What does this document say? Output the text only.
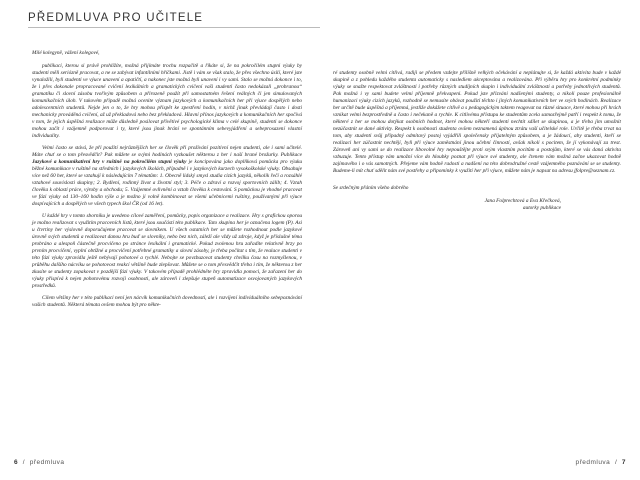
PŘEDMLUVA PRO UČITELE

Milé kolegyně, vážení kolegové,

publikaci, kterou si právě prohlížíte, možná přijímáte trochu rozpačitě a říkáte si, že na pokročilém stupni výuky by studenti měli seriózně pracovat, a ne se zabývat infantilními hříčkami. Jistě i vám se však stalo, že přes všechno úsilí, které jste vynaložili, byli studenti ve výuce unavení a apatičtí, a nakonec jste možná byli unavení i vy sami. Stalo se možná dokonce i to, že i přes dokonale propracované cvičení lexikálních a gramatických cvičení vaši studenti často nedokázali „probranou“ gramatiku či slovní zásobu tvořivým způsobem a přirozeně použít při samostatném řešení reálných či jen simulovaných komunikačních úloh. V takovém případě možná ocenite význam jazykových a komunikačních her při výuce dospělých nebo adolescentních studentů. Nejde jen o to, že hry mohou přispět ke zpestření hodin, v nichž jinak převládají často i dosti mechanicky prováděná cvičení, až už překladová nebo bez překladová. Hlavní přínos jazykových a komunikačních her spočívá v tom, že jejich úspěšná realizace může důsledně posilovat přívětivé psychologické klima v celé skupině, studenti se dokonce mohou začít i vzájemně podporovat i ty, které jsou jinak brání ve spontánním sebevyjádření a sebeprosazení vlastní individuality.

Velmi často se stává, že při použití nejrůznějších her se člověk při prožívání pozitivní nejen studenti, ale i samí učitelé. Máte chuť se o tom přesvědčit? Pak můžete se svými hodinách vyzkoušet některou z her i naší brané brožurky. Publikace Jazykové a komunikativní hry v ruštině na pokročilém stupni výuky je koncipována jako doplňková pomůcka pro výuku běžné komunikace v ruštině na středních i jazykových školách, případně i v jazykových kurzech vysokoškolské výuky. Obsahuje více než 60 her, které se vztahují k následujícím 7 tématům: 1. Obecně lidský smysl studia cizích jazyků, několik řečí a rozsáhlé vztahové souvislosti skupiny; 2. Bydlení, rodinný život a životní styl; 3. Péče o zdraví a rozvoj sportovních zálib; 4. Vztah člověka k oblasti práce, výroby a obchodu; 5. Vzájemné ovlivnění a vztah člověka k cestování. S pomůckou je vhodné pracovat ve fázi výuky od 130–160 hodin výše a je možno ji volně kombinovat se všemi učebnicemi ruštiny, používanými při výuce dospívajících a dospělých ve všech typech škol ČR (od 16 let).

U každé hry v tomto sborníku je uvedeno cílové zaměření, pomůcky, popis organizace a realizace. Hry s grafickou oporou je možno realizovat s využitím pracovních listů, které jsou součástí této publikace. Tato skupina her je označena logem (P). Asi u čtvrtiny her výslovně doporučujeme pracovat se slovníkem. U všech ostatních her se můžete rozhodnout podle jazykové úrovně svých studentů a realizovat danou hru buď se slovníky, nebo bez nich, záleží ale vždy už zdroje, když je příslušné téma probráno a alespoň částečně procvičeno po stránce lexikální i gramatické. Pokud zvolenou hru zařadíte relativně brzy po prvním procvičení, vyplní obtížné a procvičení potřebné gramatiky a slovní zásoby, je třeba počítat s tím, že realace studenti v této fázi výuky zpravidla ještě nebývají pohotové a rychlé. Nebojte se povzbuzovat studenty chvilku času na rozmyšlenou, v průběhu dalšího nácviku se pohotovost reakcí většině bude zlepšovat. Můžete se o tom přesvědčit třeba i tím, že některou z her zkusíte se studenty zopakovat v pozdější fázi výuky. V takovém případě prohlédněte hry zpravidla pomoci, že zařazení her do výuky přispívá k nejen pohotovému rozvoji osobnosti, ale zároveň i zlepšuje stupeň automatizace osvojovaných jazykových prostředků.

Cílem většiny her v této publikaci není jen nácvik komunikačních dovedností, ale i rozvíjení individuálního sebepoznávání vašich studentů. Některá témata ovšem mohou být pro někte-

6 / předmluva

ré studenty osobně velmi citlivá, radiji se předem vzdejte přílišně velkých očekávání a neplánujte si, že každá aktivita bude v každé skupině a z pohledu každého studenta automaticky s naslediem akceptována a realizována. Při výběru hry pro konkrétní podmínky výuky se snažte respektovat zvláštnosti i potřeby různých studijních skupin i individuální zvláštnosti a potřeby jednotlivých studentů. Pak možná i vy sami budete velmi příjemně překvapeni. Pokud jste přizváni nadšenými studenty, a nikoli pouze profesionálně humanizaci výuky cizích jazyků, rozhodně se nemusíte obávat použití těchto i jiných komunikativních her ve svých hodinách. Realizace her určitě bude úspěšná a příjemná, jestliže dokážete citlivě a s pedagogickým taktem reagovat na různé situace, které mohou při hrách vznikat velmi bezprostředně a často i nečekaně a rychle. K citlivému přístupu ke studentům zcela samozřejmě patří i respekt k tomu, že některé z her se mohou dotýkat osobních hodnot, které mohou někteří studenti nechtít sdílet se skupinou, a je třeba jim umožnit nezúčastnit se dané aktivity. Respekt k osobnosti studenta ovšem neznamená úplnou ztrátu vaší učitelské role. Určitě je třeba trvat na tom, aby studenti svůj případný odmítavý postoj vyjádřili společensky přijatelným způsobem, a je žádoucí, aby studenti, kteří se realizaci her zúčastnit nechtějí, byli při výuce zaměstnání jinou učební činností, avšak nikoli s pocitem, že jí vykonávají za trest. Zároveň ani vy sami se do realizace libovolné hry nepouštějte proti svým vlastním pocitům a postojům, které se vás daná aktivita vzbuzuje. Tento přístup vám umožní více do hloubky poznat při výuce své studenty, ale čtenem vám možná začne ukazovat hodně zajímavého i o vás samotných. Přejeme vám hodně radosti a nadšení na této dobrodružné cestě vzájemného poznávání se se studenty. Budeme-li mít chuť sdělit nám své postřehy a připomínky k využití her při výuce, můžete nám je napsat na adresu jfolpre@seznam.cz.

Se srdečným přáním všeho dobrého

Jana Folprechtová a Eva Křečková,

autorky publikace

předmluva / 7
